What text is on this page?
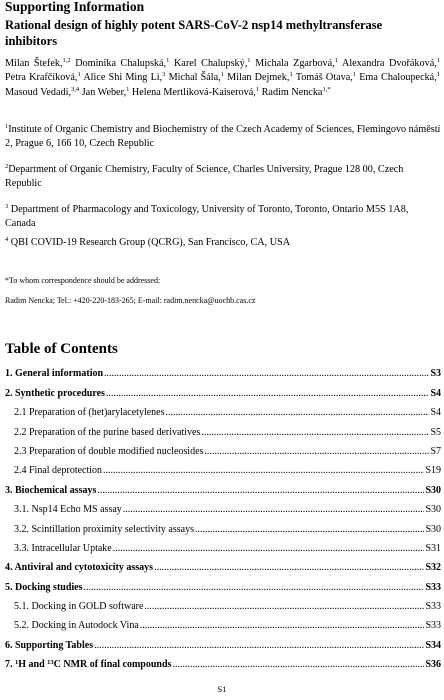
Supporting Information
Rational design of highly potent SARS-CoV-2 nsp14 methyltransferase inhibitors
Milan Štefek,$^{1,2}$ Dominika Chalupská,$^1$ Karel Chalupský,$^1$ Michala Zgarbová,$^1$ Alexandra Dvořáková,$^1$ Petra Krafčíková,$^1$ Alice Shi Ming Li,$^3$ Michal Šála,$^1$ Milan Dejmek,$^1$ Tomáš Otava,$^1$ Ema Chaloupecká,$^1$ Masoud Vedadi,$^{3,4}$ Jan Weber,$^1$ Helena Mertlíková-Kaiserová,$^1$ Radim Nencka$^{1,*}$
$^1$Institute of Organic Chemistry and Biochemistry of the Czech Academy of Sciences, Flemingovo náměstí 2, Prague 6, 166 10, Czech Republic
$^2$Department of Organic Chemistry, Faculty of Science, Charles University, Prague 128 00, Czech Republic
$^3$ Department of Pharmacology and Toxicology, University of Toronto, Toronto, Ontario M5S 1A8, Canada
$^4$ QBI COVID-19 Research Group (QCRG), San Francisco, CA, USA
*To whom correspondence should be addressed:
Radim Nencka; Tel.: +420-220-183-265; E-mail: radim.nencka@uochb.cas.cz
Table of Contents
1. General information .....	S3
2. Synthetic procedures .....	S4
2.1 Preparation of (het)arylacetylenes .....	S4
2.2 Preparation of the purine based derivatives .....	S5
2.3 Preparation of double modified nucleosides .....	S7
2.4 Final deprotection .....	S19
3. Biochemical assays .....	S30
3.1. Nsp14 Echo MS assay .....	S30
3.2. Scintillation proximity selectivity assays .....	S30
3.3. Intracellular Uptake .....	S31
4. Antiviral and cytotoxicity assays .....	S32
5. Docking studies .....	S33
5.1. Docking in GOLD software .....	S33
5.2. Docking in Autodock Vina .....	S33
6. Supporting Tables .....	S34
7. $^1$H and $^{13}$C NMR of final compounds .....	S36
S1
